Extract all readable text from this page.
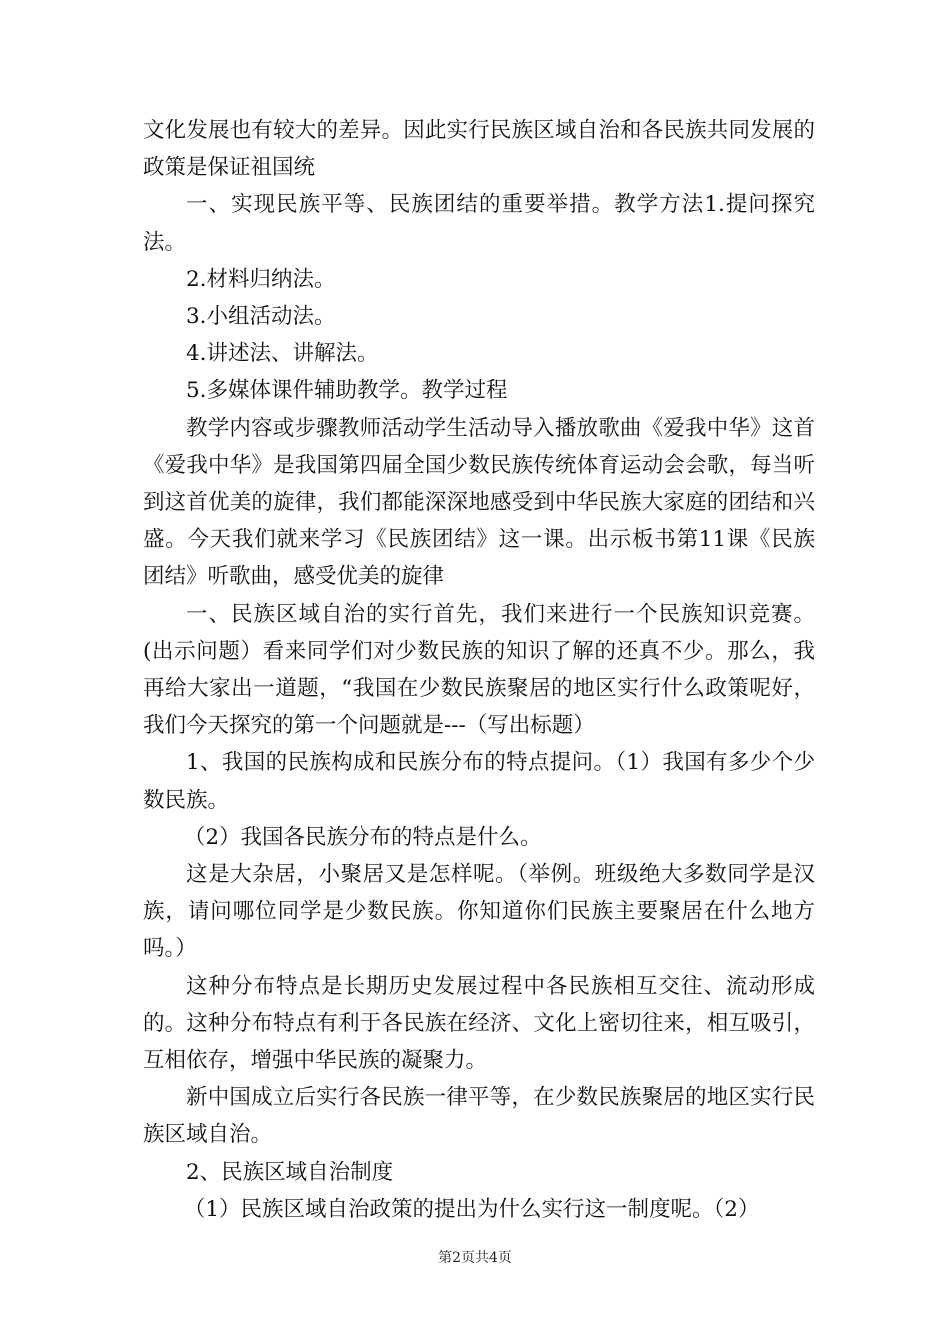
文化发展也有较大的差异。因此实行民族区域自治和各民族共同发展的政策是保证祖国统

一、实现民族平等、民族团结的重要举措。教学方法1.提问探究法。

2.材料归纳法。

3.小组活动法。

4.讲述法、讲解法。

5.多媒体课件辅助教学。教学过程

教学内容或步骤教师活动学生活动导入播放歌曲《爱我中华》这首《爱我中华》是我国第四届全国少数民族传统体育运动会会歌，每当听到这首优美的旋律，我们都能深深地感受到中华民族大家庭的团结和兴盛。今天我们就来学习《民族团结》这一课。出示板书第11课《民族团结》听歌曲，感受优美的旋律

一、民族区域自治的实行首先，我们来进行一个民族知识竞赛。(出示问题）看来同学们对少数民族的知识了解的还真不少。那么，我再给大家出一道题，“我国在少数民族聚居的地区实行什么政策呢好，我们今天探究的第一个问题就是---（写出标题）

1、我国的民族构成和民族分布的特点提问。（1）我国有多少个少数民族。

（2）我国各民族分布的特点是什么。

这是大杂居，小聚居又是怎样呢。（举例。班级绝大多数同学是汉族，请问哪位同学是少数民族。你知道你们民族主要聚居在什么地方吗。）

这种分布特点是长期历史发展过程中各民族相互交往、流动形成的。这种分布特点有利于各民族在经济、文化上密切往来，相互吸引，互相依存，增强中华民族的凝聚力。

新中国成立后实行各民族一律平等，在少数民族聚居的地区实行民族区域自治。

2、民族区域自治制度

（1）民族区域自治政策的提出为什么实行这一制度呢。（2）

第2页共4页
